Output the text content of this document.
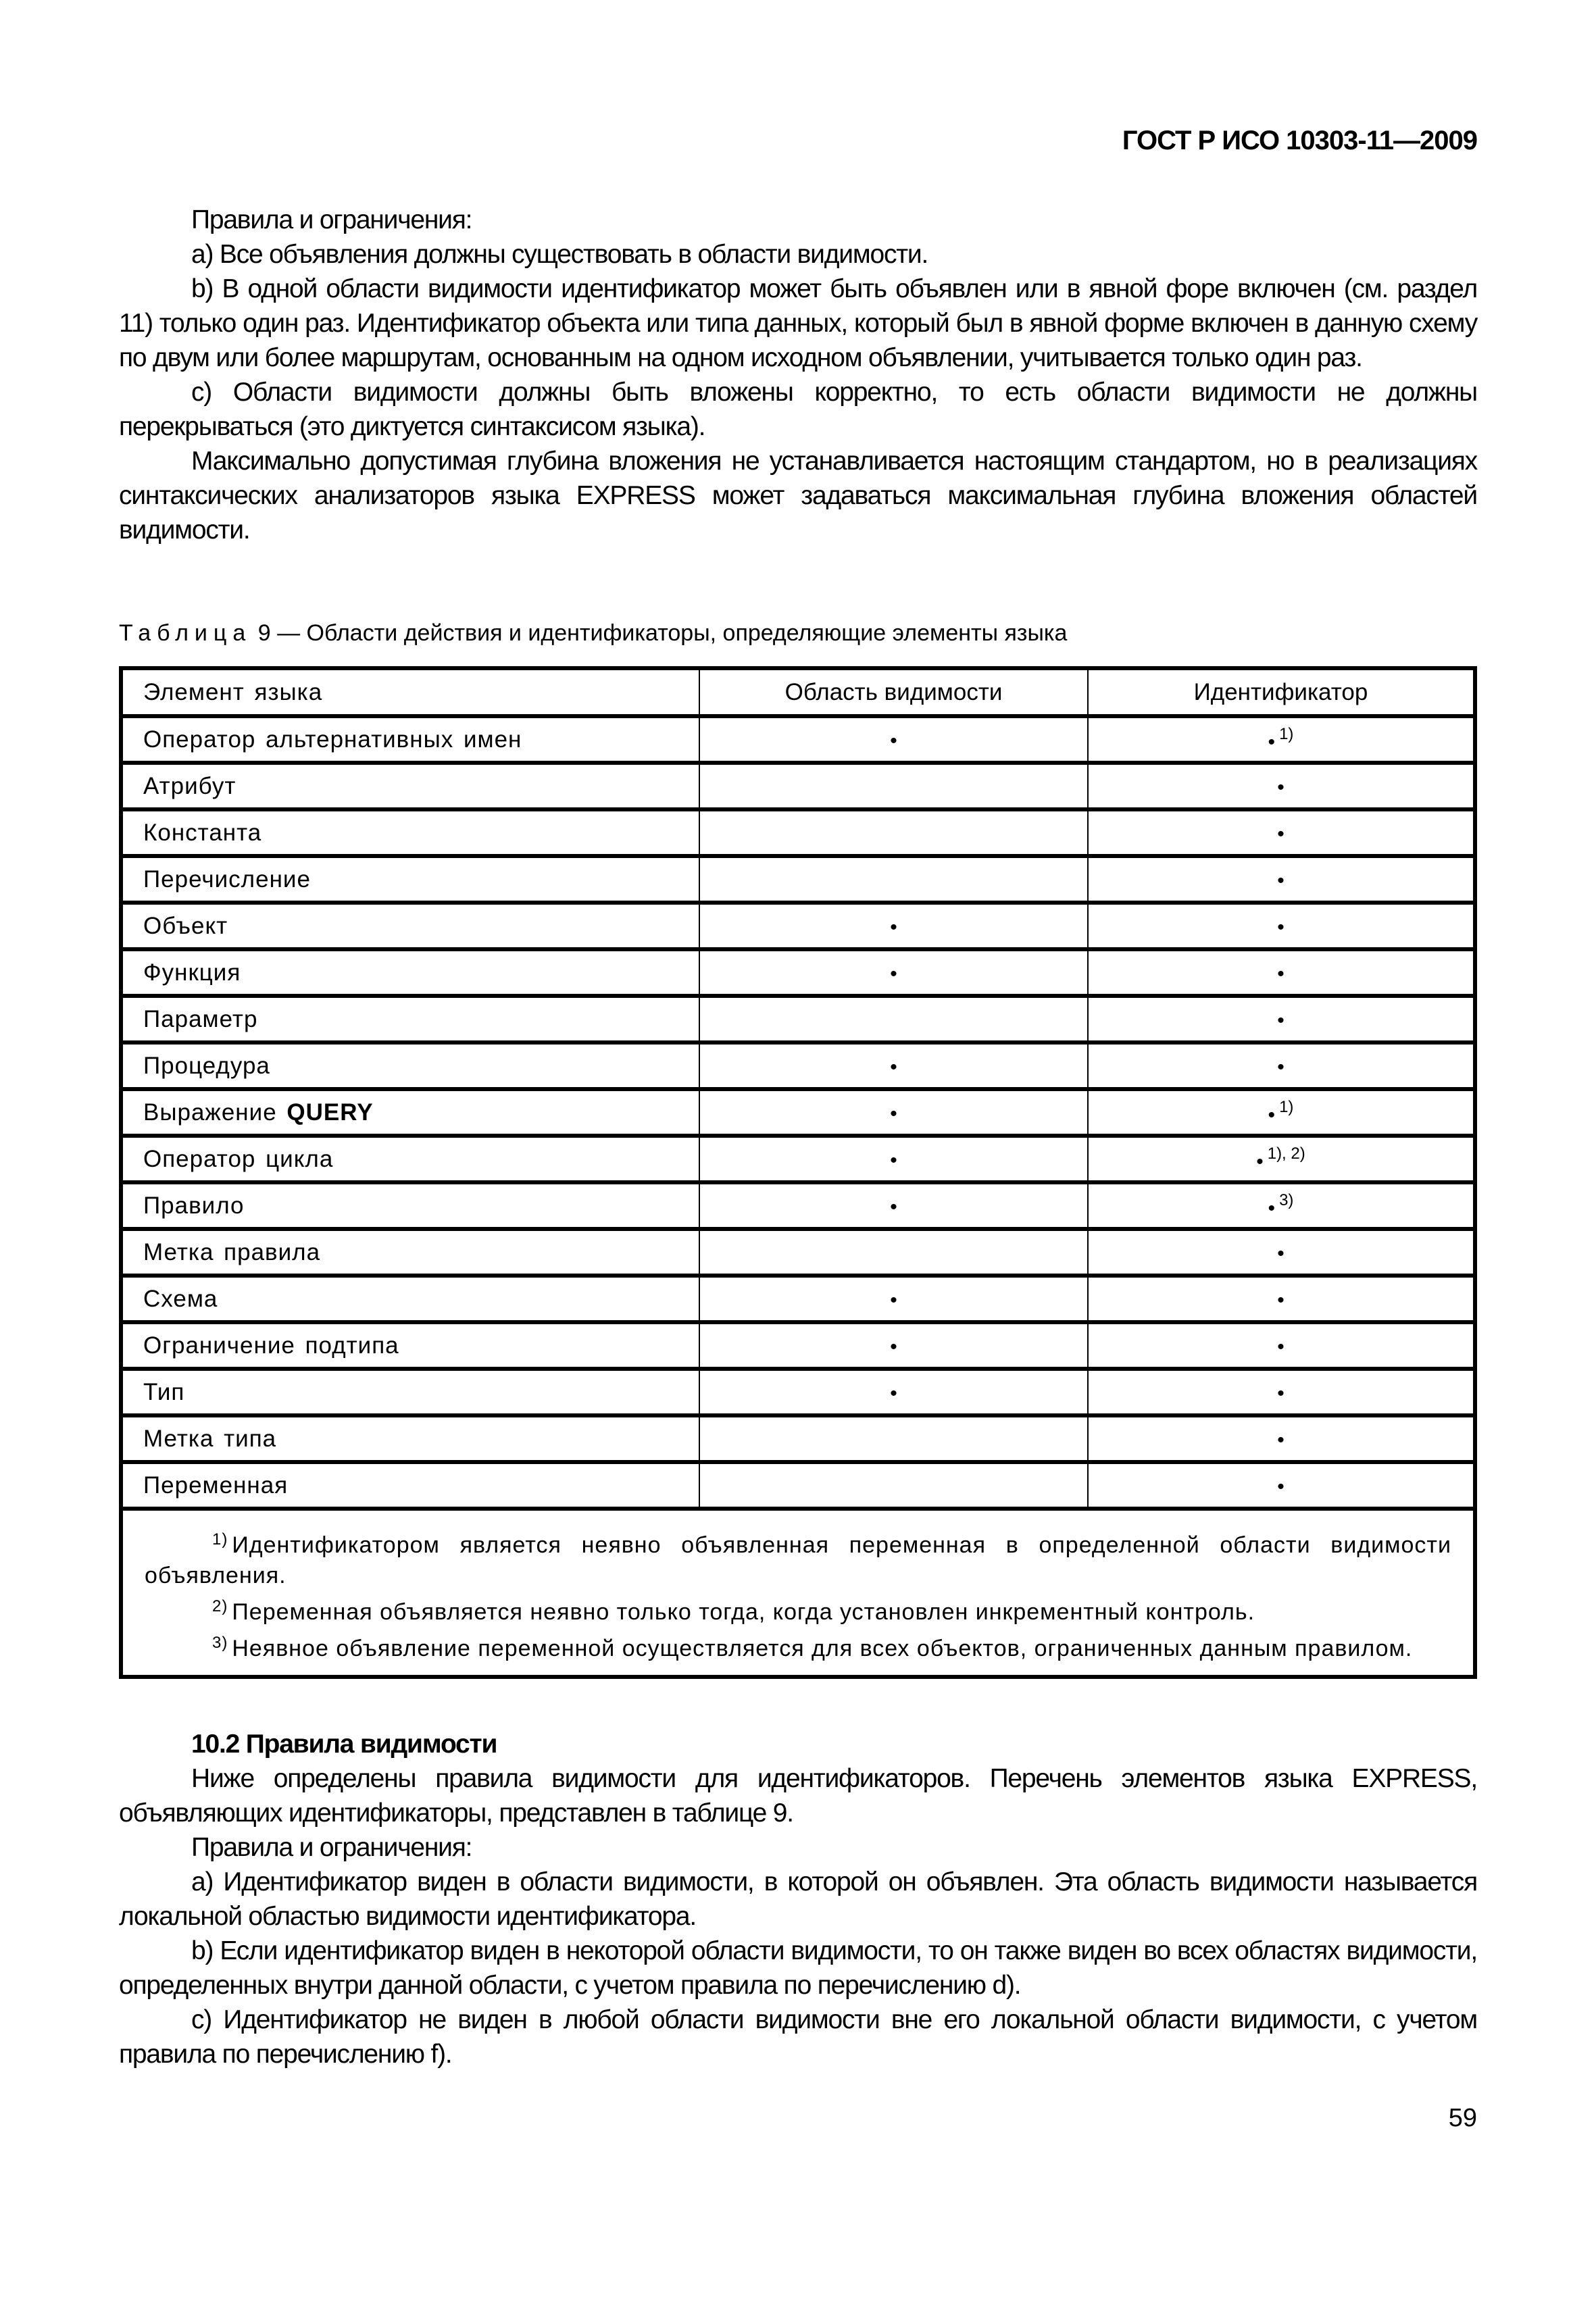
ГОСТ Р ИСО 10303-11—2009

Правила и ограничения:

a) Все объявления должны существовать в области видимости.

b) В одной области видимости идентификатор может быть объявлен или в явной форе включен (см. раздел 11) только один раз. Идентификатор объекта или типа данных, который был в явной форме включен в данную схему по двум или более маршрутам, основанным на одном исходном объявлении, учитывается только один раз.

c) Области видимости должны быть вложены корректно, то есть области видимости не должны перекрываться (это диктуется синтаксисом языка).

Максимально допустимая глубина вложения не устанавливается настоящим стандартом, но в реализациях синтаксических анализаторов языка EXPRESS может задаваться максимальная глубина вложения областей видимости.

Таблица 9 — Области действия и идентификаторы, определяющие элементы языка
Элемент языка	Область видимости	Идентификатор
Оператор альтернативных имен	•	• $^{1)}$
Атрибут		•
Константа		•
Перечисление		•
Объект	•	•
Функция	•	•
Параметр		•
Процедура	•	•
Выражение QUERY	•	• $^{1)}$
Оператор цикла	•	• $^{1), 2)}$
Правило	•	• $^{3)}$
Метка правила		•
Схема	•	•
Ограничение подтипа	•	•
Тип	•	•
Метка типа		•
Переменная		•

$^{1)}$ Идентификатором является неявно объявленная переменная в определенной области видимости объявления.

$^{2)}$ Переменная объявляется неявно только тогда, когда установлен инкрементный контроль.

$^{3)}$ Неявное объявление переменной осуществляется для всех объектов, ограниченных данным правилом.		

10.2 Правила видимости

Ниже определены правила видимости для идентификаторов. Перечень элементов языка EXPRESS, объявляющих идентификаторы, представлен в таблице 9.

Правила и ограничения:

a) Идентификатор виден в области видимости, в которой он объявлен. Эта область видимости называется локальной областью видимости идентификатора.

b) Если идентификатор виден в некоторой области видимости, то он также виден во всех областях видимости, определенных внутри данной области, с учетом правила по перечислению d).

c) Идентификатор не виден в любой области видимости вне его локальной области видимости, с учетом правила по перечислению f).

59
